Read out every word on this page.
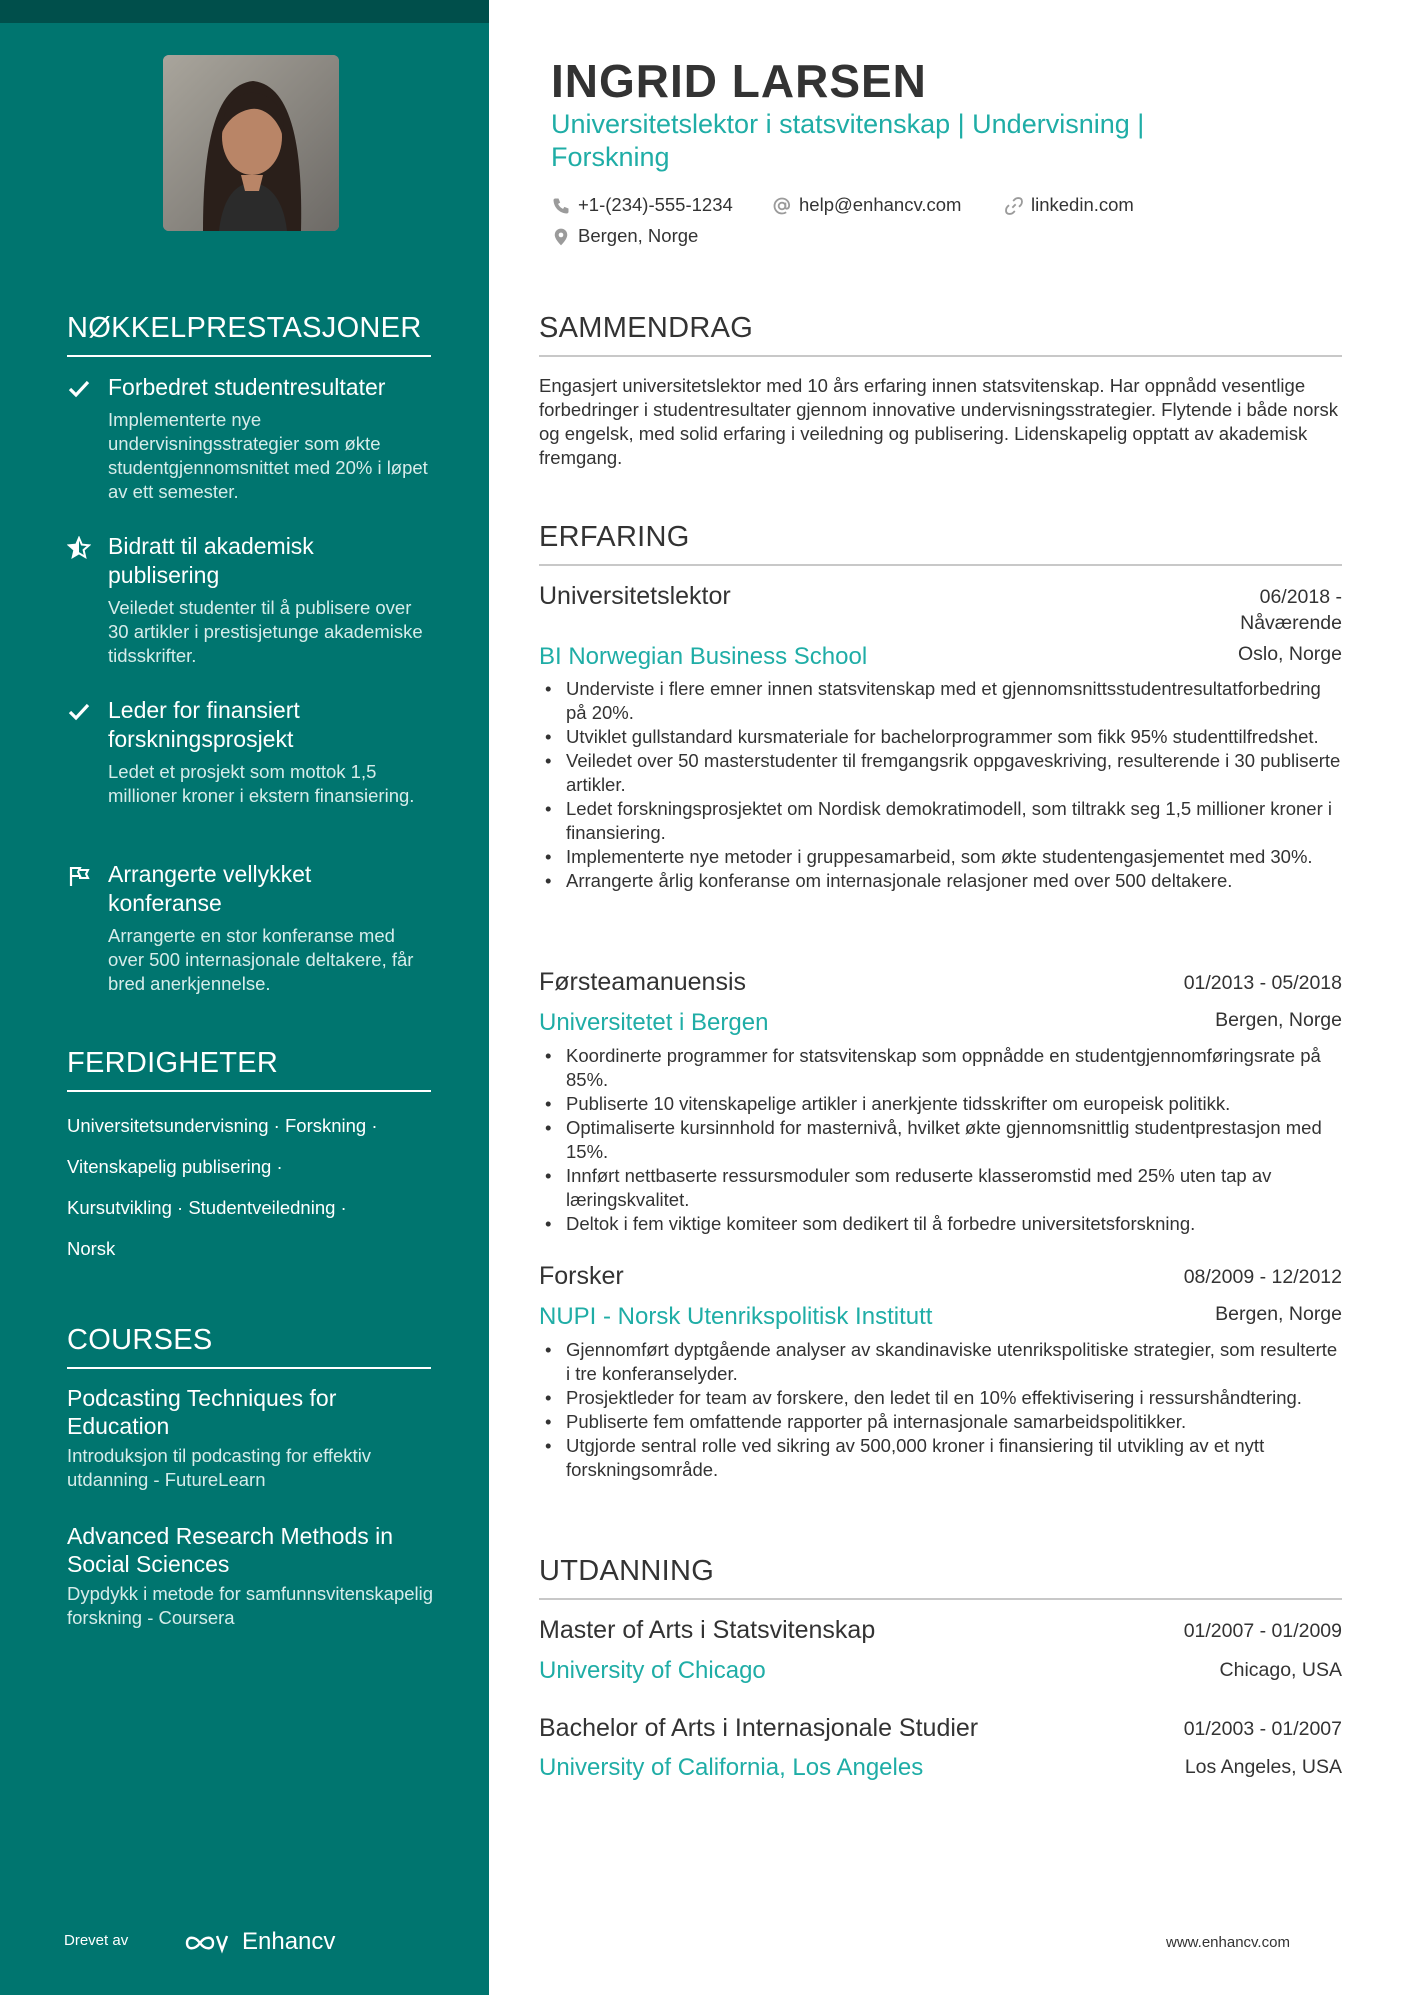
NØKKELPRESTASJONER
Forbedret studentresultater
Implementerte nye undervisningsstrategier som økte studentgjennomsnittet med 20% i løpet av ett semester.
Bidratt til akademisk publisering
Veiledet studenter til å publisere over 30 artikler i prestisjetunge akademiske tidsskrifter.
Leder for finansiert forskningsprosjekt
Ledet et prosjekt som mottok 1,5 millioner kroner i ekstern finansiering.
Arrangerte vellykket konferanse
Arrangerte en stor konferanse med over 500 internasjonale deltakere, får bred anerkjennelse.
FERDIGHETER
Universitetsundervisning · Forskning ·
Vitenskapelig publisering ·
Kursutvikling · Studentveiledning ·
Norsk
COURSES
Podcasting Techniques for Education
Introduksjon til podcasting for effektiv utdanning - FutureLearn
Advanced Research Methods in Social Sciences
Dypdykk i metode for samfunnsvitenskapelig forskning - Coursera
Drevet av	Enhancv
INGRID LARSEN
Universitetslektor i statsvitenskap | Undervisning | Forskning
+1-(234)-555-1234	help@enhancv.com	linkedin.com
Bergen, Norge
SAMMENDRAG
Engasjert universitetslektor med 10 års erfaring innen statsvitenskap. Har oppnådd vesentlige forbedringer i studentresultater gjennom innovative undervisningsstrategier. Flytende i både norsk og engelsk, med solid erfaring i veiledning og publisering. Lidenskapelig opptatt av akademisk fremgang.
ERFARING
Universitetslektor	06/2018 -
Nåværende
BI Norwegian Business School	Oslo, Norge
• Underviste i flere emner innen statsvitenskap med et gjennomsnittsstudentresultatforbedring på 20%.
• Utviklet gullstandard kursmateriale for bachelorprogrammer som fikk 95% studenttilfredshet.
• Veiledet over 50 masterstudenter til fremgangsrik oppgaveskriving, resulterende i 30 publiserte artikler.
• Ledet forskningsprosjektet om Nordisk demokratimodell, som tiltrakk seg 1,5 millioner kroner i finansiering.
• Implementerte nye metoder i gruppesamarbeid, som økte studentengasjementet med 30%.
• Arrangerte årlig konferanse om internasjonale relasjoner med over 500 deltakere.
Førsteamanuensis	01/2013 - 05/2018
Universitetet i Bergen	Bergen, Norge
• Koordinerte programmer for statsvitenskap som oppnådde en studentgjennomføringsrate på 85%.
• Publiserte 10 vitenskapelige artikler i anerkjente tidsskrifter om europeisk politikk.
• Optimaliserte kursinnhold for masternivå, hvilket økte gjennomsnittlig studentprestasjon med 15%.
• Innført nettbaserte ressursmoduler som reduserte klasseromstid med 25% uten tap av læringskvalitet.
• Deltok i fem viktige komiteer som dedikert til å forbedre universitetsforskning.
Forsker	08/2009 - 12/2012
NUPI - Norsk Utenrikspolitisk Institutt	Bergen, Norge
• Gjennomført dyptgående analyser av skandinaviske utenrikspolitiske strategier, som resulterte i tre konferanselyder.
• Prosjektleder for team av forskere, den ledet til en 10% effektivisering i ressurshåndtering.
• Publiserte fem omfattende rapporter på internasjonale samarbeidspolitikker.
• Utgjorde sentral rolle ved sikring av 500,000 kroner i finansiering til utvikling av et nytt forskningsområde.
UTDANNING
Master of Arts i Statsvitenskap	01/2007 - 01/2009
University of Chicago	Chicago, USA
Bachelor of Arts i Internasjonale Studier	01/2003 - 01/2007
University of California, Los Angeles	Los Angeles, USA
www.enhancv.com
